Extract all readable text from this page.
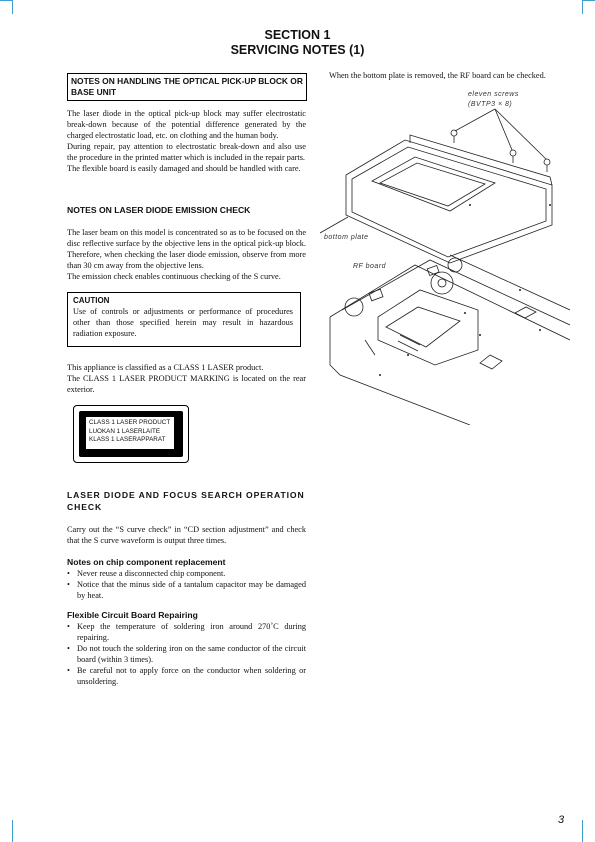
SECTION 1
SERVICING NOTES (1)
NOTES ON HANDLING THE OPTICAL PICK-UP BLOCK OR BASE UNIT
The laser diode in the optical pick-up block may suffer electrostatic break-down because of the potential difference generated by the charged electrostatic load, etc. on clothing and the human body.
During repair, pay attention to electrostatic break-down and also use the procedure in the printed matter which is included in the repair parts.
The flexible board is easily damaged and should be handled with care.
NOTES ON LASER DIODE EMISSION CHECK
The laser beam on this model is concentrated so as to be focused on the disc reflective surface by the objective lens in the optical pick-up block. Therefore, when checking the laser diode emission, observe from more than 30 cm away from the objective lens.
The emission check enables continuous checking of the S curve.
CAUTION
Use of controls or adjustments or performance of procedures other than those specified herein may result in hazardous radiation exposure.
This appliance is classified as a CLASS 1 LASER product.
The CLASS 1 LASER PRODUCT MARKING is located on the rear exterior.
CLASS 1 LASER PRODUCT
LUOKAN 1 LASERLAITE
KLASS 1 LASERAPPARAT
LASER DIODE AND FOCUS SEARCH OPERATION CHECK
Carry out the “S curve check” in “CD section adjustment” and check that the S curve waveform is output three times.
Notes on chip component replacement
• Never reuse a disconnected chip component.
• Notice that the minus side of a tantalum capacitor may be damaged by heat.
Flexible Circuit Board Repairing
• Keep the temperature of soldering iron around 270˚C during repairing.
• Do not touch the soldering iron on the same conductor of the circuit board (within 3 times).
• Be careful not to apply force on the conductor when soldering or unsoldering.
When the bottom plate is removed, the RF board can be checked.
eleven screws
(BVTP3 × 8)
bottom plate
RF board
3
